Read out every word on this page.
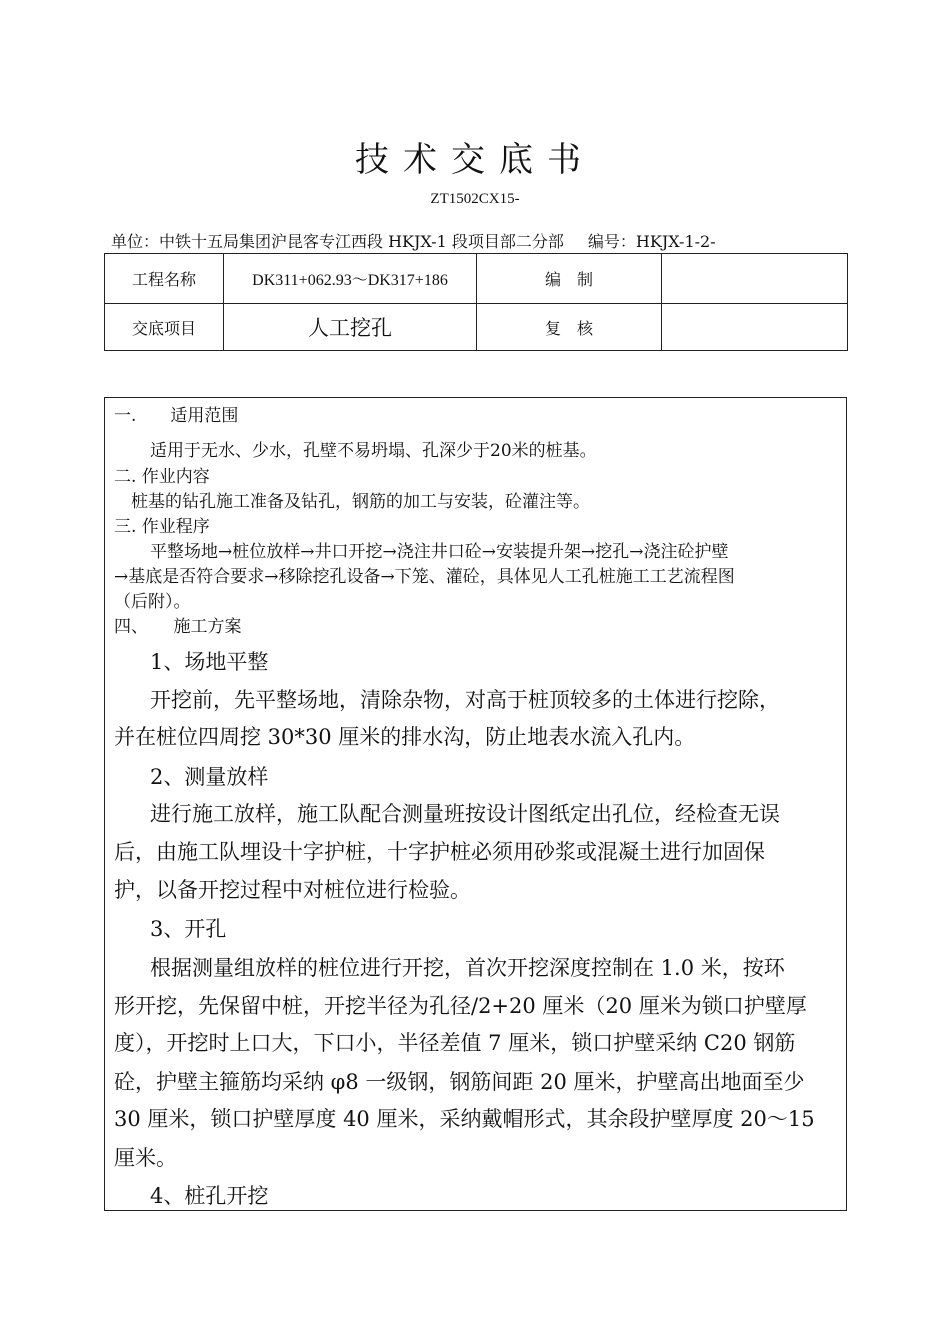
技术交底书
ZT1502CX15-
单位：中铁十五局集团沪昆客专江西段 HKJX-1 段项目部二分部 编号：HKJX-1-2-
工程名称	DK311+062.93～DK317+186	编　制	
交底项目	人工挖孔	复　核	
一.　　适用范围
适用于无水、少水，孔壁不易坍塌、孔深少于20米的桩基。
二. 作业内容
桩基的钻孔施工准备及钻孔，钢筋的加工与安装，砼灌注等。
三. 作业程序
平整场地→桩位放样→井口开挖→浇注井口砼→安装提升架→挖孔→浇注砼护壁
→基底是否符合要求→移除挖孔设备→下笼、灌砼，具体见人工孔桩施工工艺流程图
（后附）。
四、　　施工方案
1、场地平整
开挖前，先平整场地，清除杂物，对高于桩顶较多的土体进行挖除，
并在桩位四周挖 30*30 厘米的排水沟，防止地表水流入孔内。
2、测量放样
进行施工放样，施工队配合测量班按设计图纸定出孔位，经检查无误
后，由施工队埋设十字护桩，十字护桩必须用砂浆或混凝土进行加固保
护，以备开挖过程中对桩位进行检验。
3、开孔
根据测量组放样的桩位进行开挖，首次开挖深度控制在 1.0 米，按环
形开挖，先保留中桩，开挖半径为孔径/2+20 厘米（20 厘米为锁口护壁厚
度），开挖时上口大，下口小，半径差值 7 厘米，锁口护壁采纳 C20 钢筋
砼，护壁主箍筋均采纳 φ8 一级钢，钢筋间距 20 厘米，护壁高出地面至少
30 厘米，锁口护壁厚度 40 厘米，采纳戴帽形式，其余段护壁厚度 20～15
厘米。
4、桩孔开挖
